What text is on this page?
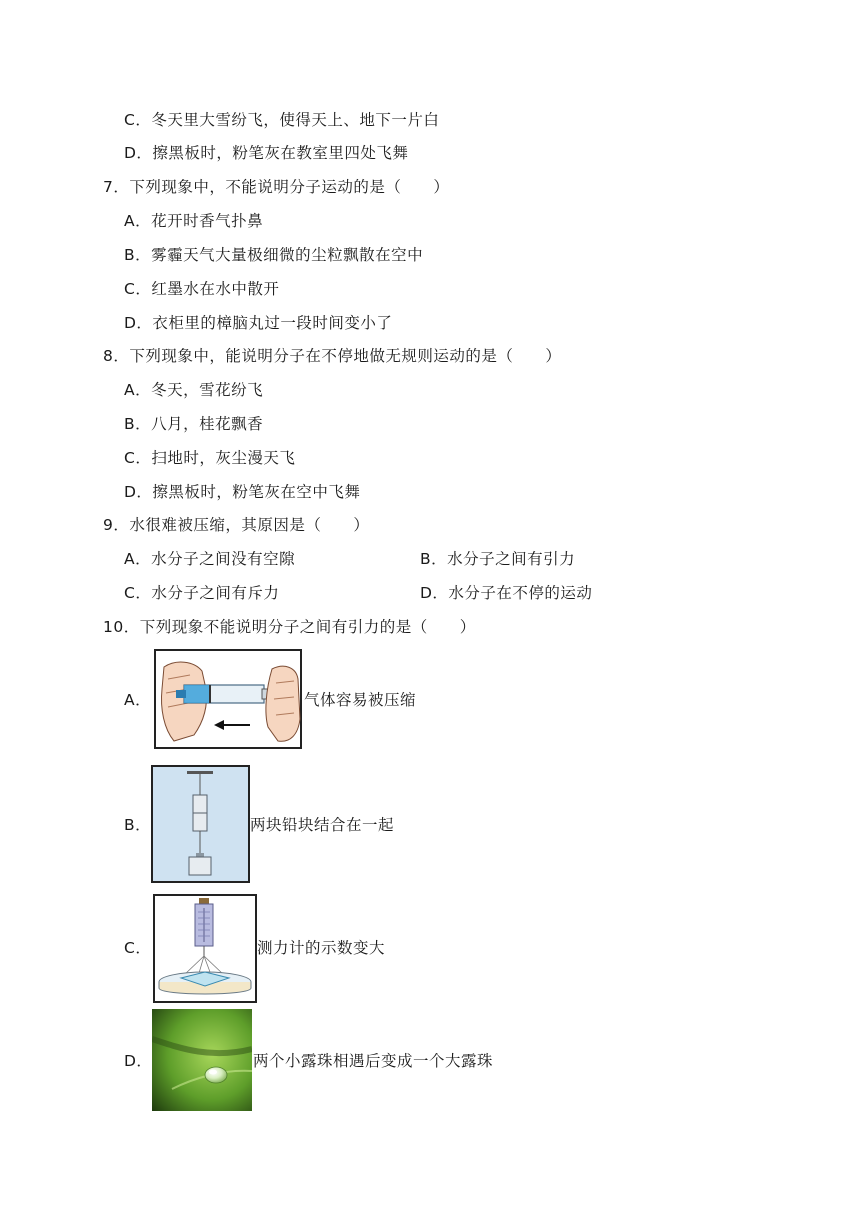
C．冬天里大雪纷飞，使得天上、地下一片白
D．擦黑板时，粉笔灰在教室里四处飞舞
7．下列现象中，不能说明分子运动的是（　　）
A．花开时香气扑鼻
B．雾霾天气大量极细微的尘粒飘散在空中
C．红墨水在水中散开
D．衣柜里的樟脑丸过一段时间变小了
8．下列现象中，能说明分子在不停地做无规则运动的是（　　）
A．冬天，雪花纷飞
B．八月，桂花飘香
C．扫地时，灰尘漫天飞
D．擦黑板时，粉笔灰在空中飞舞
9．水很难被压缩，其原因是（　　）
A．水分子之间没有空隙	B．水分子之间有引力
C．水分子之间有斥力	D．水分子在不停的运动
10．下列现象不能说明分子之间有引力的是（　　）
A．	气体容易被压缩
B．	两块铅块结合在一起
C．	测力计的示数变大
D．	两个小露珠相遇后变成一个大露珠
